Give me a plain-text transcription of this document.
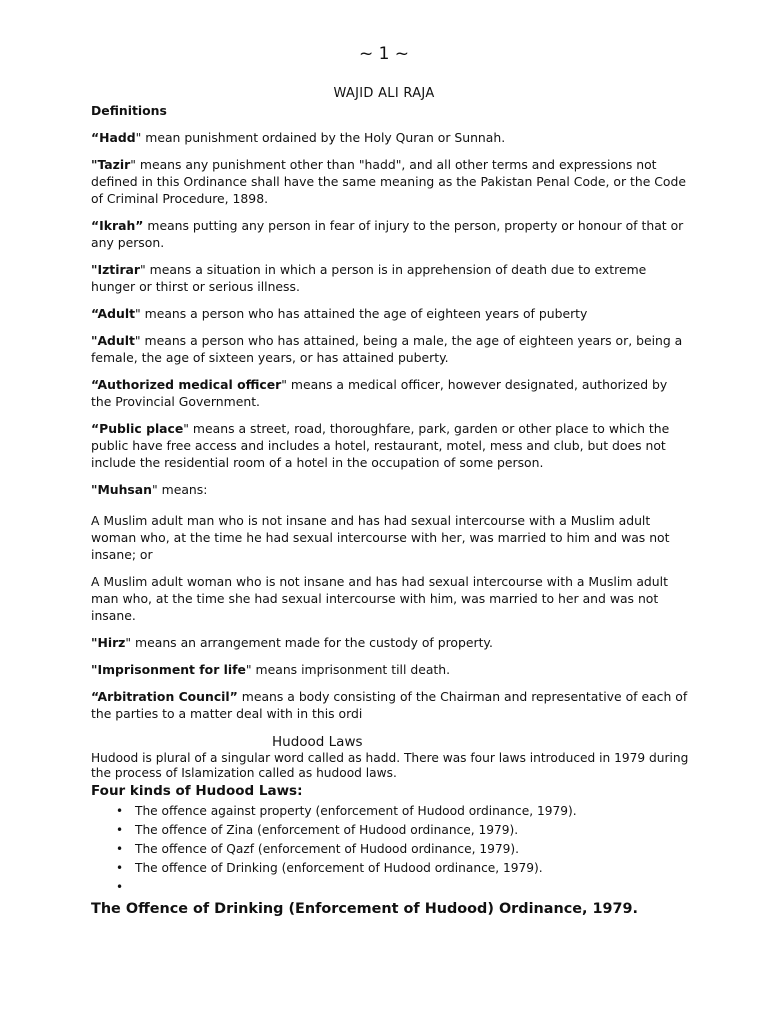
~ 1 ~
WAJID ALI RAJA

Definitions

“Hadd" mean punishment ordained by the Holy Quran or Sunnah.

"Tazir" means any punishment other than "hadd", and all other terms and expressions not defined in this Ordinance shall have the same meaning as the Pakistan Penal Code, or the Code of Criminal Procedure, 1898.

“Ikrah” means putting any person in fear of injury to the person, property or honour of that or any person.

"Iztirar" means a situation in which a person is in apprehension of death due to extreme hunger or thirst or serious illness.

“Adult" means a person who has attained the age of eighteen years of puberty

"Adult" means a person who has attained, being a male, the age of eighteen years or, being a female, the age of sixteen years, or has attained puberty.

“Authorized medical officer" means a medical officer, however designated, authorized by the Provincial Government.

“Public place" means a street, road, thoroughfare, park, garden or other place to which the public have free access and includes a hotel, restaurant, motel, mess and club, but does not include the residential room of a hotel in the occupation of some person.

"Muhsan" means:

A Muslim adult man who is not insane and has had sexual intercourse with a Muslim adult woman who, at the time he had sexual intercourse with her, was married to him and was not insane; or

A Muslim adult woman who is not insane and has had sexual intercourse with a Muslim adult man who, at the time she had sexual intercourse with him, was married to her and was not insane.

"Hirz" means an arrangement made for the custody of property.

"Imprisonment for life" means imprisonment till death.

“Arbitration Council” means a body consisting of the Chairman and representative of each of the parties to a matter deal with in this ordi

Hudood Laws

Hudood is plural of a singular word called as hadd. There was four laws introduced in 1979 during the process of Islamization called as hudood laws.

Four kinds of Hudood Laws:
• The offence against property (enforcement of Hudood ordinance, 1979).
• The offence of Zina (enforcement of Hudood ordinance, 1979).
• The offence of Qazf (enforcement of Hudood ordinance, 1979).
• The offence of Drinking (enforcement of Hudood ordinance, 1979).
•
The Offence of Drinking (Enforcement of Hudood) Ordinance, 1979.
